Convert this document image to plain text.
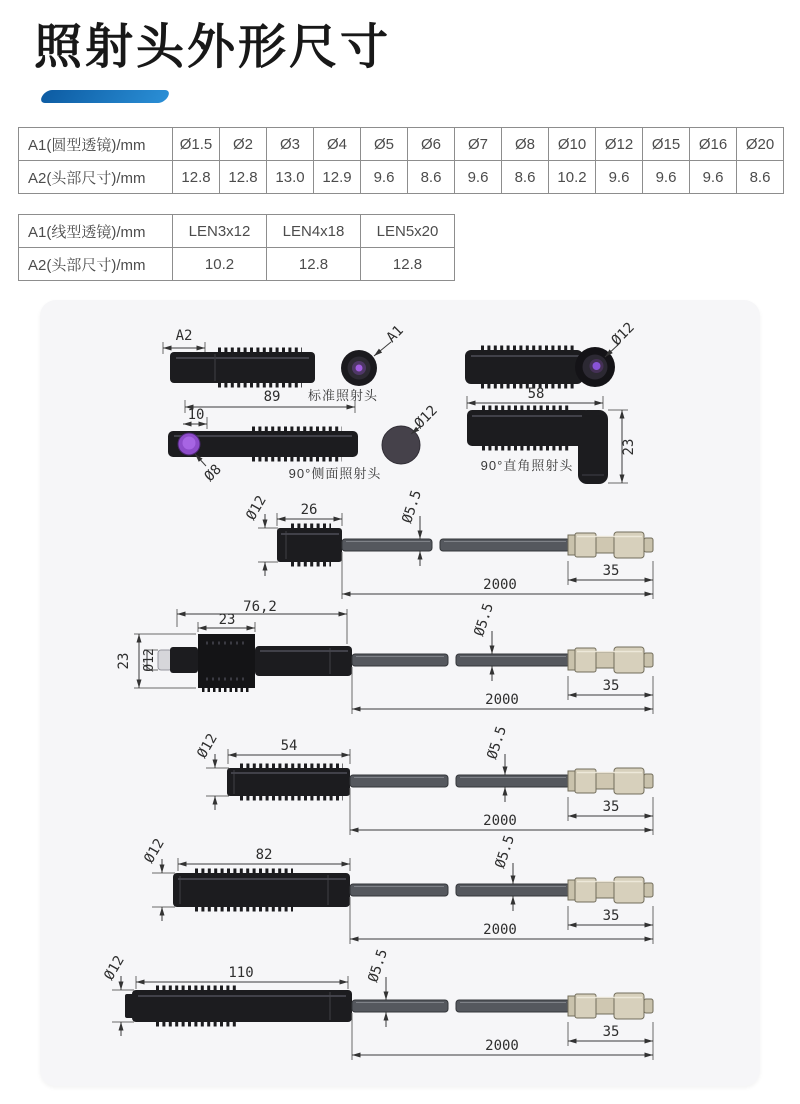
照射头外形尺寸
A1(圆型透镜)/mm	Ø1.5	Ø2	Ø3	Ø4	Ø5	Ø6	Ø7	Ø8	Ø10	Ø12	Ø15	Ø16	Ø20
A2(头部尺寸)/mm	12.8	12.8	13.0	12.9	9.6	8.6	9.6	8.6	10.2	9.6	9.6	9.6	8.6
A1(线型透镜)/mm	LEN3x12	LEN4x18	LEN5x20
A2(头部尺寸)/mm	10.2	12.8	12.8
A2	A1
标准照射头
Ø12
58
23
90°直角照射头
89
10
Ø8	90°侧面照射头
Ø12
Ø12 26	Ø5.5
35
2000
76,2
23
23 Ø12
Ø5.5
35
2000
Ø12	54	Ø5.5
35
2000
Ø12	82	Ø5.5
35
2000
Ø12	110	Ø5.5
35
2000
